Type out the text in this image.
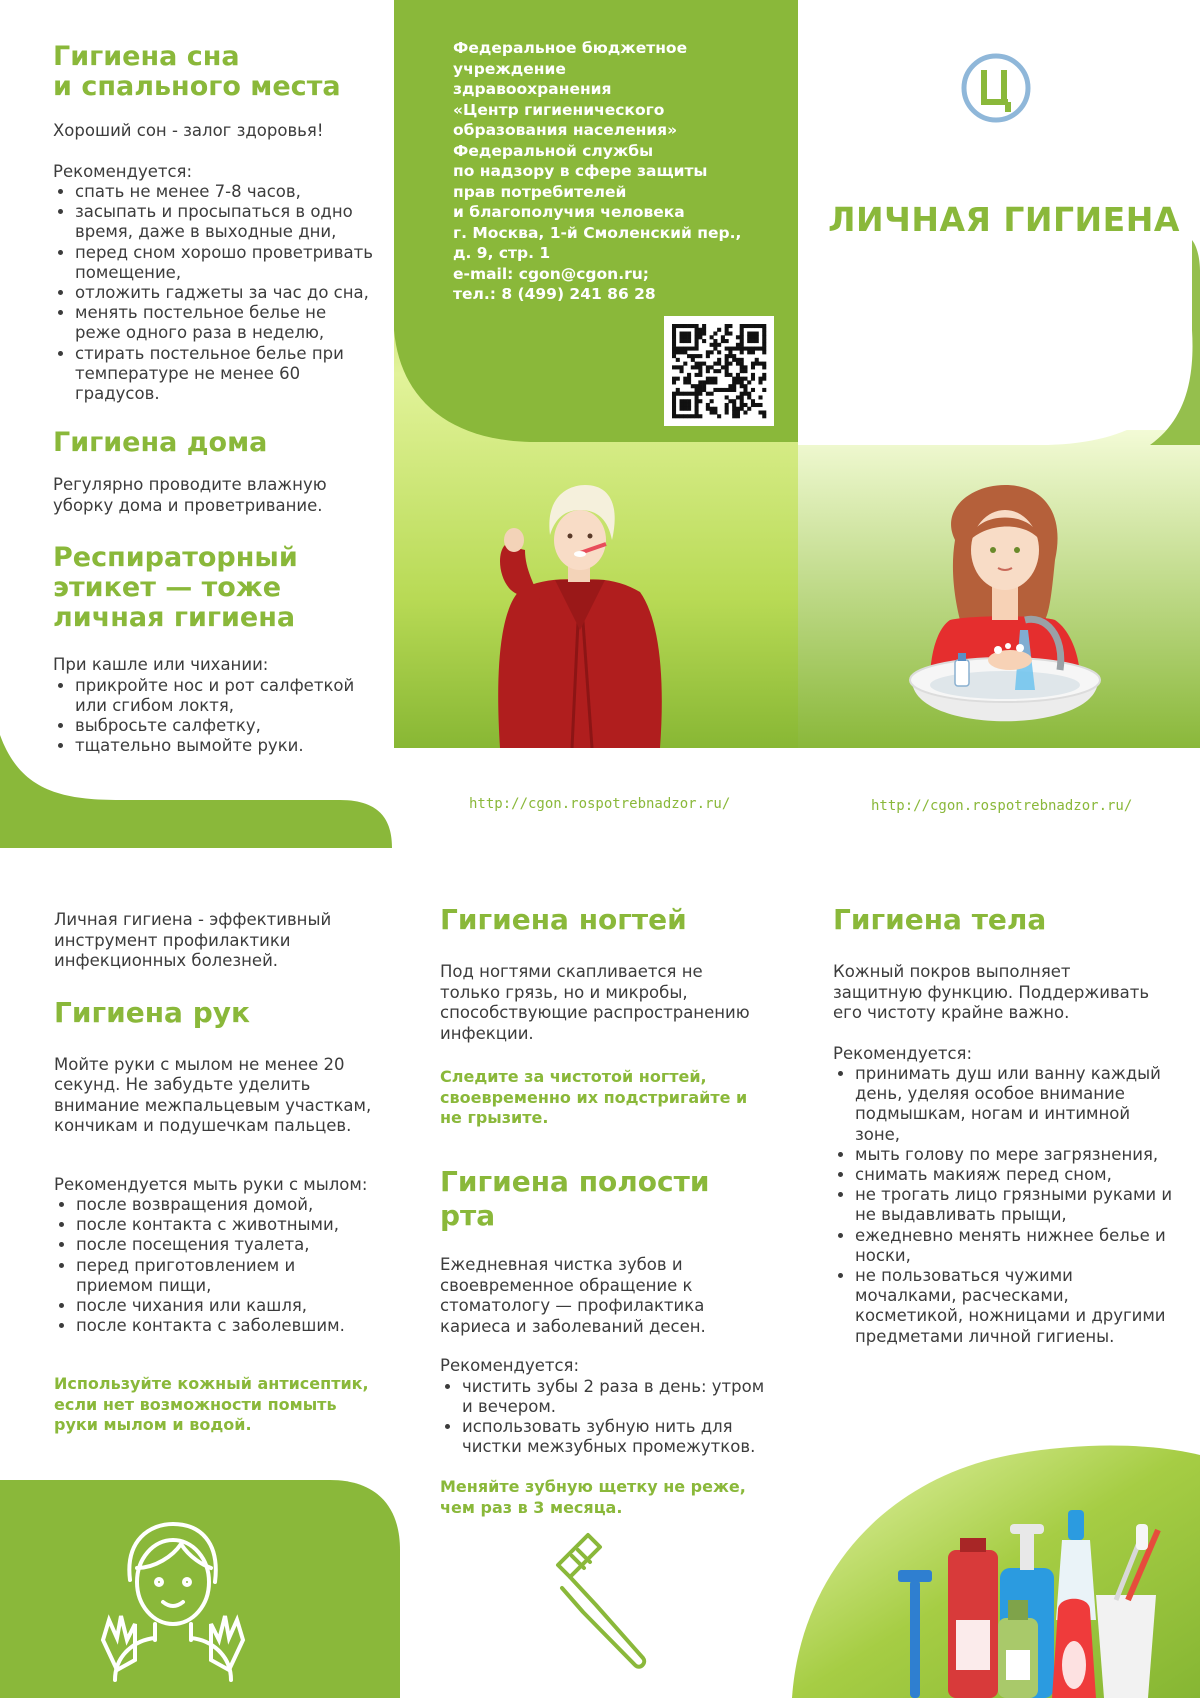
Гигиена сна
и спального места

Хороший сон - залог здоровья!

Рекомендуется:

• спать не менее 7-8 часов,
• засыпать и просыпаться в одно время, даже в выходные дни,
• перед сном хорошо проветривать помещение,
• отложить гаджеты за час до сна,
• менять постельное белье не реже одного раза в неделю,
• стирать постельное белье при температуре не менее 60 градусов.
Гигиена дома

Регулярно проводите влажную уборку дома и проветривание.

Респираторный
этикет — тоже
личная гигиена

При кашле или чихании:

• прикройте нос и рот салфеткой или сгибом локтя,
• выбросьте салфетку,
• тщательно вымойте руки.
Федеральное бюджетное
учреждение
здравоохранения
«Центр гигиенического
образования населения»
Федеральной службы
по надзору в сфере защиты
прав потребителей
и благополучия человека
г. Москва, 1-й Смоленский пер.,
д. 9, стр. 1
e-mail: cgon@cgon.ru;
тел.: 8 (499) 241 86 28
ЛИЧНАЯ ГИГИЕНА
http://cgon.rospotrebnadzor.ru/	http://cgon.rospotrebnadzor.ru/

Личная гигиена - эффективный инструмент профилактики инфекционных болезней.

Гигиена рук

Мойте руки с мылом не менее 20 секунд. Не забудьте уделить внимание межпальцевым участкам, кончикам и подушечкам пальцев.

Рекомендуется мыть руки с мылом:

• после возвращения домой,
• после контакта с животными,
• после посещения туалета,
• перед приготовлением и приемом пищи,
• после чихания или кашля,
• после контакта с заболевшим.

Используйте кожный антисептик, если нет возможности помыть руки мылом и водой.

Гигиена ногтей

Под ногтями скапливается не только грязь, но и микробы, способствующие распространению инфекции.

Следите за чистотой ногтей, своевременно их подстригайте и не грызите.

Гигиена полости
рта

Ежедневная чистка зубов и своевременное обращение к стоматологу — профилактика кариеса и заболеваний десен.

Рекомендуется:

• чистить зубы 2 раза в день: утром и вечером.
• использовать зубную нить для чистки межзубных промежутков.

Меняйте зубную щетку не реже, чем раз в 3 месяца.

Гигиена тела

Кожный покров выполняет защитную функцию. Поддерживать его чистоту крайне важно.

Рекомендуется:

• принимать душ или ванну каждый день, уделяя особое внимание подмышкам, ногам и интимной зоне,
• мыть голову по мере загрязнения,
• снимать макияж перед сном,
• не трогать лицо грязными руками и не выдавливать прыщи,
• ежедневно менять нижнее белье и носки,
• не пользоваться чужими мочалками, расческами, косметикой, ножницами и другими предметами личной гигиены.
